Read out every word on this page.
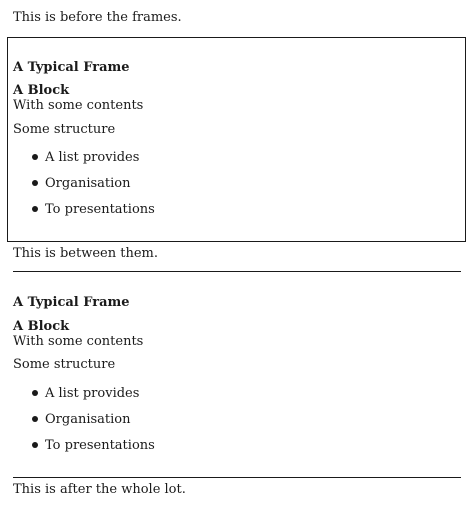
This is before the frames.
A Typical Frame
A Block
With some contents
Some structure
A list provides
Organisation
To presentations
This is between them.
A Typical Frame
A Block
With some contents
Some structure
A list provides
Organisation
To presentations
This is after the whole lot.
